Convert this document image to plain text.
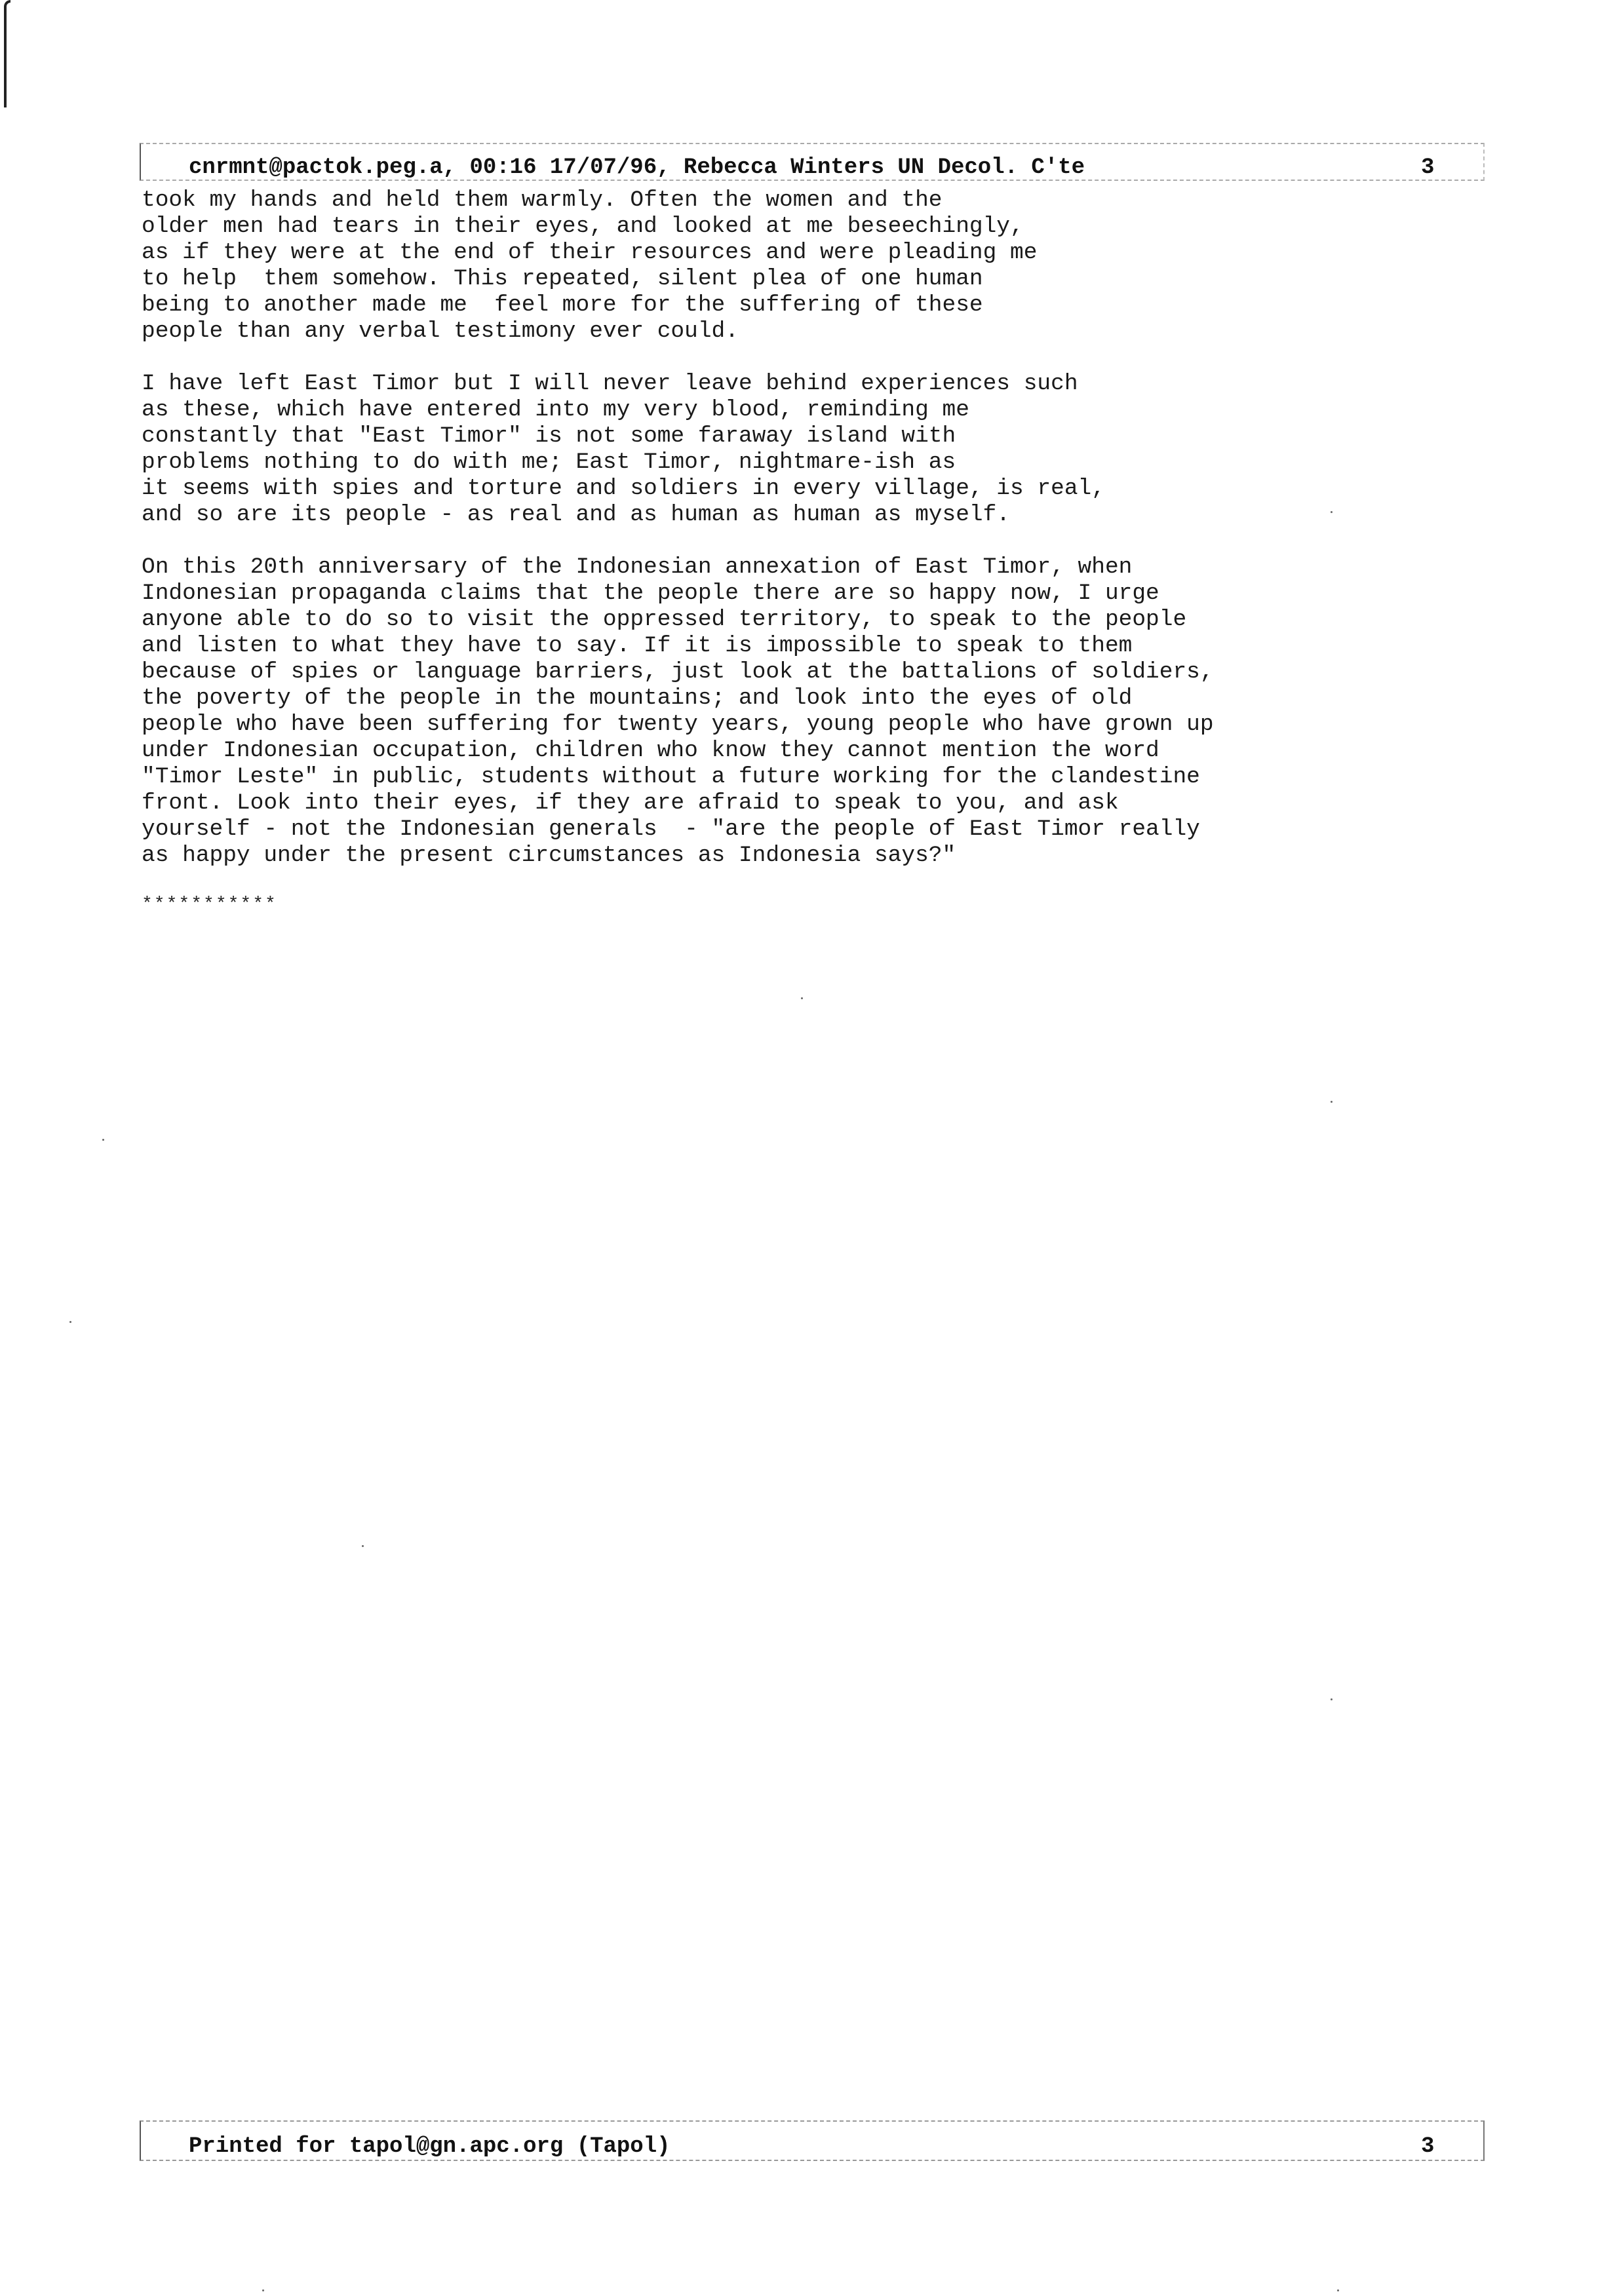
cnrmnt@pactok.peg.a, 00:16 17/07/96, Rebecca Winters UN Decol. C'te	3
took my hands and held them warmly. Often the women and the
older men had tears in their eyes, and looked at me beseechingly,
as if they were at the end of their resources and were pleading me
to help  them somehow. This repeated, silent plea of one human
being to another made me  feel more for the suffering of these
people than any verbal testimony ever could.
I have left East Timor but I will never leave behind experiences such
as these, which have entered into my very blood, reminding me
constantly that "East Timor" is not some faraway island with
problems nothing to do with me; East Timor, nightmare-ish as
it seems with spies and torture and soldiers in every village, is real,
and so are its people - as real and as human as human as myself.
On this 20th anniversary of the Indonesian annexation of East Timor, when
Indonesian propaganda claims that the people there are so happy now, I urge
anyone able to do so to visit the oppressed territory, to speak to the people
and listen to what they have to say. If it is impossible to speak to them
because of spies or language barriers, just look at the battalions of soldiers,
the poverty of the people in the mountains; and look into the eyes of old
people who have been suffering for twenty years, young people who have grown up
under Indonesian occupation, children who know they cannot mention the word
"Timor Leste" in public, students without a future working for the clandestine
front. Look into their eyes, if they are afraid to speak to you, and ask
yourself - not the Indonesian generals  - "are the people of East Timor really
as happy under the present circumstances as Indonesia says?"
***********
Printed for tapol@gn.apc.org (Tapol)	3
